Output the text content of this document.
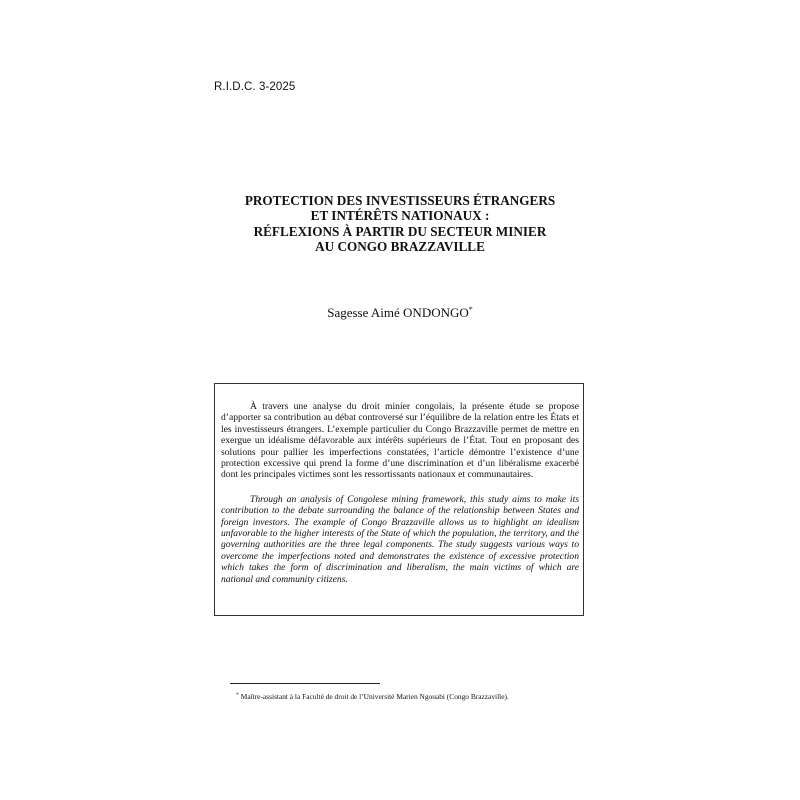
R.I.D.C. 3-2025
PROTECTION DES INVESTISSEURS ÉTRANGERS
ET INTÉRÊTS NATIONAUX :
RÉFLEXIONS À PARTIR DU SECTEUR MINIER
AU CONGO BRAZZAVILLE
Sagesse Aimé ONDONGO*

À travers une analyse du droit minier congolais, la présente étude se propose d’apporter sa contribution au débat controversé sur l’équilibre de la relation entre les États et les investisseurs étrangers. L’exemple particulier du Congo Brazzaville permet de mettre en exergue un idéalisme défavorable aux intérêts supérieurs de l’État. Tout en proposant des solutions pour pallier les imperfections constatées, l’article démontre l’existence d’une protection excessive qui prend la forme d’une discrimination et d’un libéralisme exacerbé dont les principales victimes sont les ressortissants nationaux et communautaires.

Through an analysis of Congolese mining framework, this study aims to make its contribution to the debate surrounding the balance of the relationship between States and foreign investors. The example of Congo Brazzaville allows us to highlight an idealism unfavorable to the higher interests of the State of which the population, the territory, and the governing authorities are the three legal components. The study suggests various ways to overcome the imperfections noted and demonstrates the existence of excessive protection which takes the form of discrimination and liberalism, the main victims of which are national and community citizens.

* Maître-assistant à la Faculté de droit de l’Université Marien Ngouabi (Congo Brazzaville).
